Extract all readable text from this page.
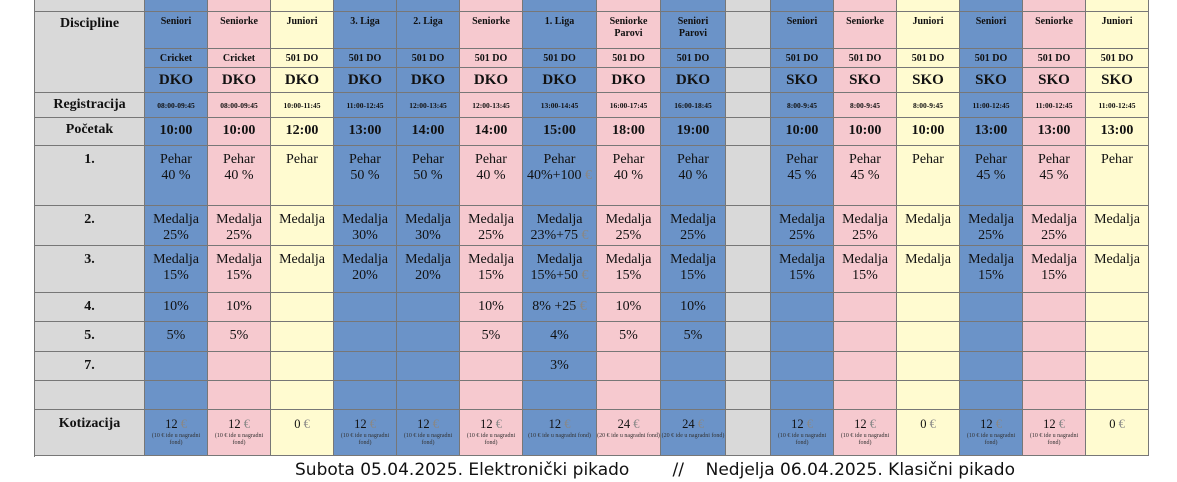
Discipline
Registracija
Početak
1.
2.
3.
4.
5.
7.
Kotizacija
Seniori
Cricket
DKO
08:00-09:45
10:00
Pehar
40 %
Medalja
25%
Medalja
15%
10%
5%
12 €
(10 € ide u nagradni fond)
Seniorke
Cricket
DKO
08:00-09:45
10:00
Pehar
40 %
Medalja
25%
Medalja
15%
10%
5%
12 €
(10 € ide u nagradni fond)
Juniori
501 DO
DKO
10:00-11:45
12:00
Pehar
Medalja
Medalja
0 €
3. Liga
501 DO
DKO
11:00-12:45
13:00
Pehar
50 %
Medalja
30%
Medalja
20%
12 €
(10 € ide u nagradni fond)
2. Liga
501 DO
DKO
12:00-13:45
14:00
Pehar
50 %
Medalja
30%
Medalja
20%
12 €
(10 € ide u nagradni fond)
Seniorke
501 DO
DKO
12:00-13:45
14:00
Pehar
40 %
Medalja
25%
Medalja
15%
10%
5%
12 €
(10 € ide u nagradni fond)
1. Liga
501 DO
DKO
13:00-14:45
15:00
Pehar
40%+100 €
Medalja
23%+75 €
Medalja
15%+50 €
8% +25 €
4%
3%
12 €
(10 € ide u nagradni fond)
Seniorke
Parovi
501 DO
DKO
16:00-17:45
18:00
Pehar
40 %
Medalja
25%
Medalja
15%
10%
5%
24 €
(20 € ide u nagradni fond)
Seniori
Parovi
501 DO
DKO
16:00-18:45
19:00
Pehar
40 %
Medalja
25%
Medalja
15%
10%
5%
24 €
(20 € ide u nagradni fond)
Seniori
501 DO
SKO
8:00-9:45
10:00
Pehar
45 %
Medalja
25%
Medalja
15%
12 €
(10 € ide u nagradni fond)
Seniorke
501 DO
SKO
8:00-9:45
10:00
Pehar
45 %
Medalja
25%
Medalja
15%
12 €
(10 € ide u nagradni fond)
Juniori
501 DO
SKO
8:00-9:45
10:00
Pehar
Medalja
Medalja
0 €
Seniori
501 DO
SKO
11:00-12:45
13:00
Pehar
45 %
Medalja
25%
Medalja
15%
12 €
(10 € ide u nagradni fond)
Seniorke
501 DO
SKO
11:00-12:45
13:00
Pehar
45 %
Medalja
25%
Medalja
15%
12 €
(10 € ide u nagradni fond)
Juniori
501 DO
SKO
11:00-12:45
13:00
Pehar
Medalja
Medalja
0 €
Subota 05.04.2025. Elektronički pikado        //    Nedjelja 06.04.2025. Klasični pikado
